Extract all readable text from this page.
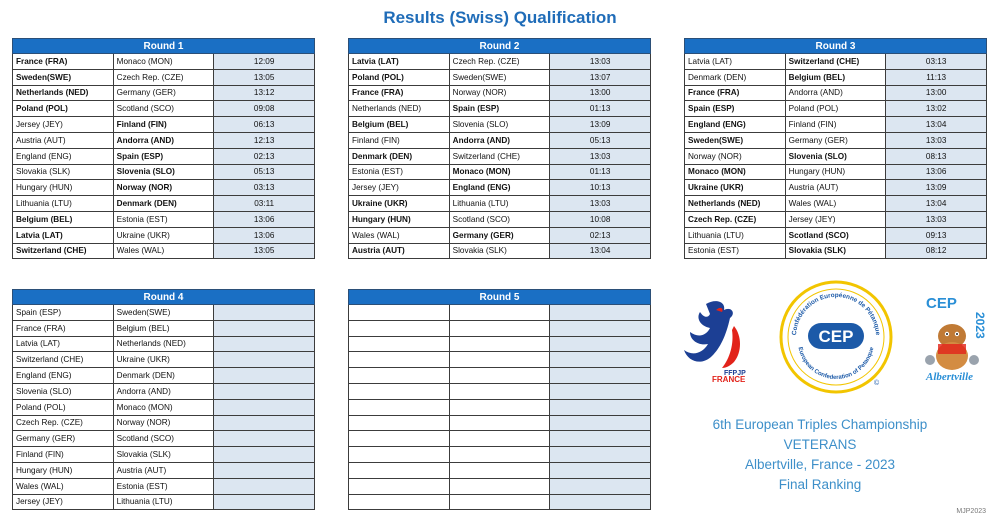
Results (Swiss) Qualification
Round 1		
France (FRA)	Monaco (MON)	12:09
Sweden(SWE)	Czech Rep. (CZE)	13:05
Netherlands (NED)	Germany (GER)	13:12
Poland (POL)	Scotland (SCO)	09:08
Jersey (JEY)	Finland (FIN)	06:13
Austria (AUT)	Andorra (AND)	12:13
England (ENG)	Spain (ESP)	02:13
Slovakia (SLK)	Slovenia (SLO)	05:13
Hungary (HUN)	Norway (NOR)	03:13
Lithuania (LTU)	Denmark (DEN)	03:11
Belgium (BEL)	Estonia (EST)	13:06
Latvia (LAT)	Ukraine (UKR)	13:06
Switzerland (CHE)	Wales (WAL)	13:05
Round 2		
Latvia (LAT)	Czech Rep. (CZE)	13:03
Poland (POL)	Sweden(SWE)	13:07
France (FRA)	Norway (NOR)	13:00
Netherlands (NED)	Spain (ESP)	01:13
Belgium (BEL)	Slovenia (SLO)	13:09
Finland (FIN)	Andorra (AND)	05:13
Denmark (DEN)	Switzerland (CHE)	13:03
Estonia (EST)	Monaco (MON)	01:13
Jersey (JEY)	England (ENG)	10:13
Ukraine (UKR)	Lithuania (LTU)	13:03
Hungary (HUN)	Scotland (SCO)	10:08
Wales (WAL)	Germany (GER)	02:13
Austria (AUT)	Slovakia (SLK)	13:04
Round 3		
Latvia (LAT)	Switzerland (CHE)	03:13
Denmark (DEN)	Belgium (BEL)	11:13
France (FRA)	Andorra (AND)	13:00
Spain (ESP)	Poland (POL)	13:02
England (ENG)	Finland (FIN)	13:04
Sweden(SWE)	Germany (GER)	13:03
Norway (NOR)	Slovenia (SLO)	08:13
Monaco (MON)	Hungary (HUN)	13:06
Ukraine (UKR)	Austria (AUT)	13:09
Netherlands (NED)	Wales (WAL)	13:04
Czech Rep. (CZE)	Jersey (JEY)	13:03
Lithuania (LTU)	Scotland (SCO)	09:13
Estonia (EST)	Slovakia (SLK)	08:12
Round 4		
Spain (ESP)	Sweden(SWE)	
France (FRA)	Belgium (BEL)	
Latvia (LAT)	Netherlands (NED)	
Switzerland (CHE)	Ukraine (UKR)	
England (ENG)	Denmark (DEN)	
Slovenia (SLO)	Andorra (AND)	
Poland (POL)	Monaco (MON)	
Czech Rep. (CZE)	Norway (NOR)	
Germany (GER)	Scotland (SCO)	
Finland (FIN)	Slovakia (SLK)	
Hungary (HUN)	Austria (AUT)	
Wales (WAL)	Estonia (EST)	
Jersey (JEY)	Lithuania (LTU)	
Round 5		

FFPJP
FRANCE
Confédération Européenne de Pétanque
European Confederation of Petanque
CEP
©
CEP
2023
Albertville
6th European Triples Championship
VETERANS
Albertville, France - 2023
Final Ranking
MJP2023
